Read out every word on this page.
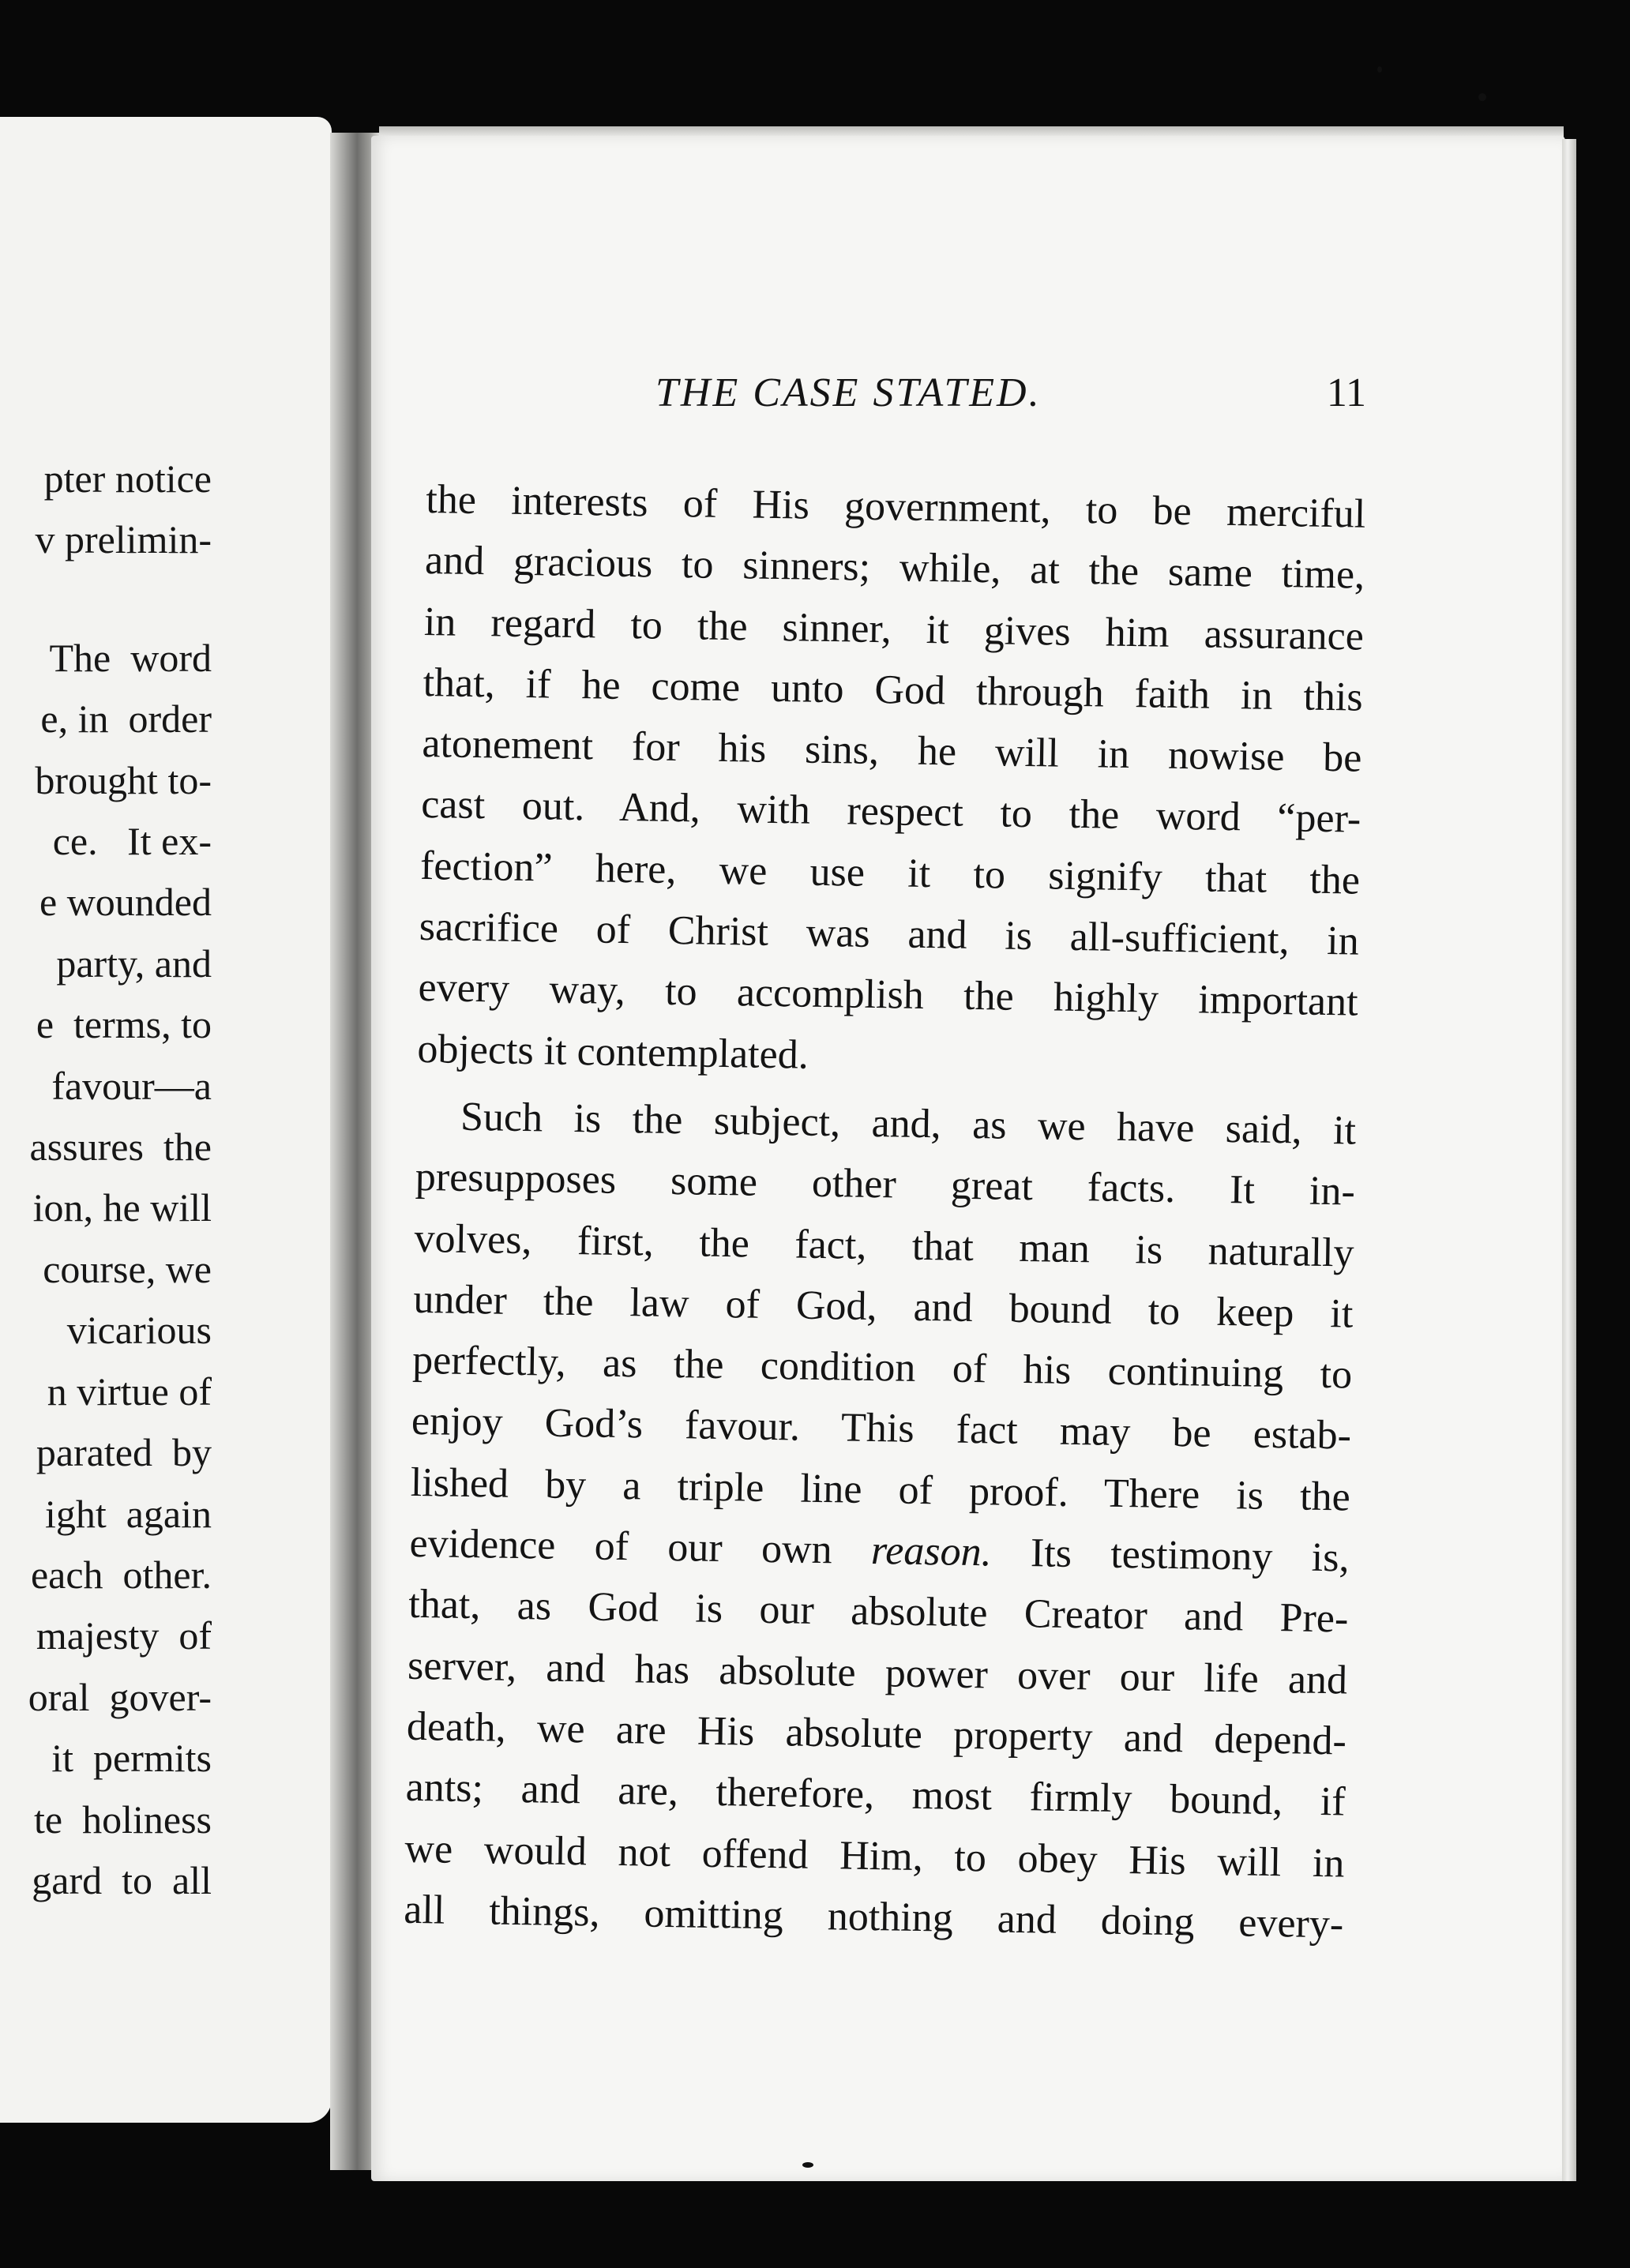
pter notice
v prelimin-
The  word
e, in  order
brought to-
ce.   It ex-
e wounded
party, and
e  terms, to
favour—a
assures  the
ion, he will
course, we
vicarious
n virtue of
parated  by
ight  again
each  other.
majesty  of
oral  gover-
it  permits
te  holiness
gard  to  all
THE CASE STATED.	11
the interests of His government, to be merciful
and gracious to sinners; while, at the same time,
in regard to the sinner, it gives him assurance
that, if he come unto God through faith in this
atonement for his sins, he will in nowise be
cast out. And, with respect to the word “per-
fection” here, we use it to signify that the
sacrifice of Christ was and is all-sufficient, in
every way, to accomplish the highly important
objects it contemplated.
Such is the subject, and, as we have said, it
presupposes some other great facts. It in-
volves, first, the fact, that man is naturally
under the law of God, and bound to keep it
perfectly, as the condition of his continuing to
enjoy God’s favour. This fact may be estab-
lished by a triple line of proof. There is the
evidence of our own reason. Its testimony is,
that, as God is our absolute Creator and Pre-
server, and has absolute power over our life and
death, we are His absolute property and depend-
ants; and are, therefore, most firmly bound, if
we would not offend Him, to obey His will in
all things, omitting nothing and doing every-
